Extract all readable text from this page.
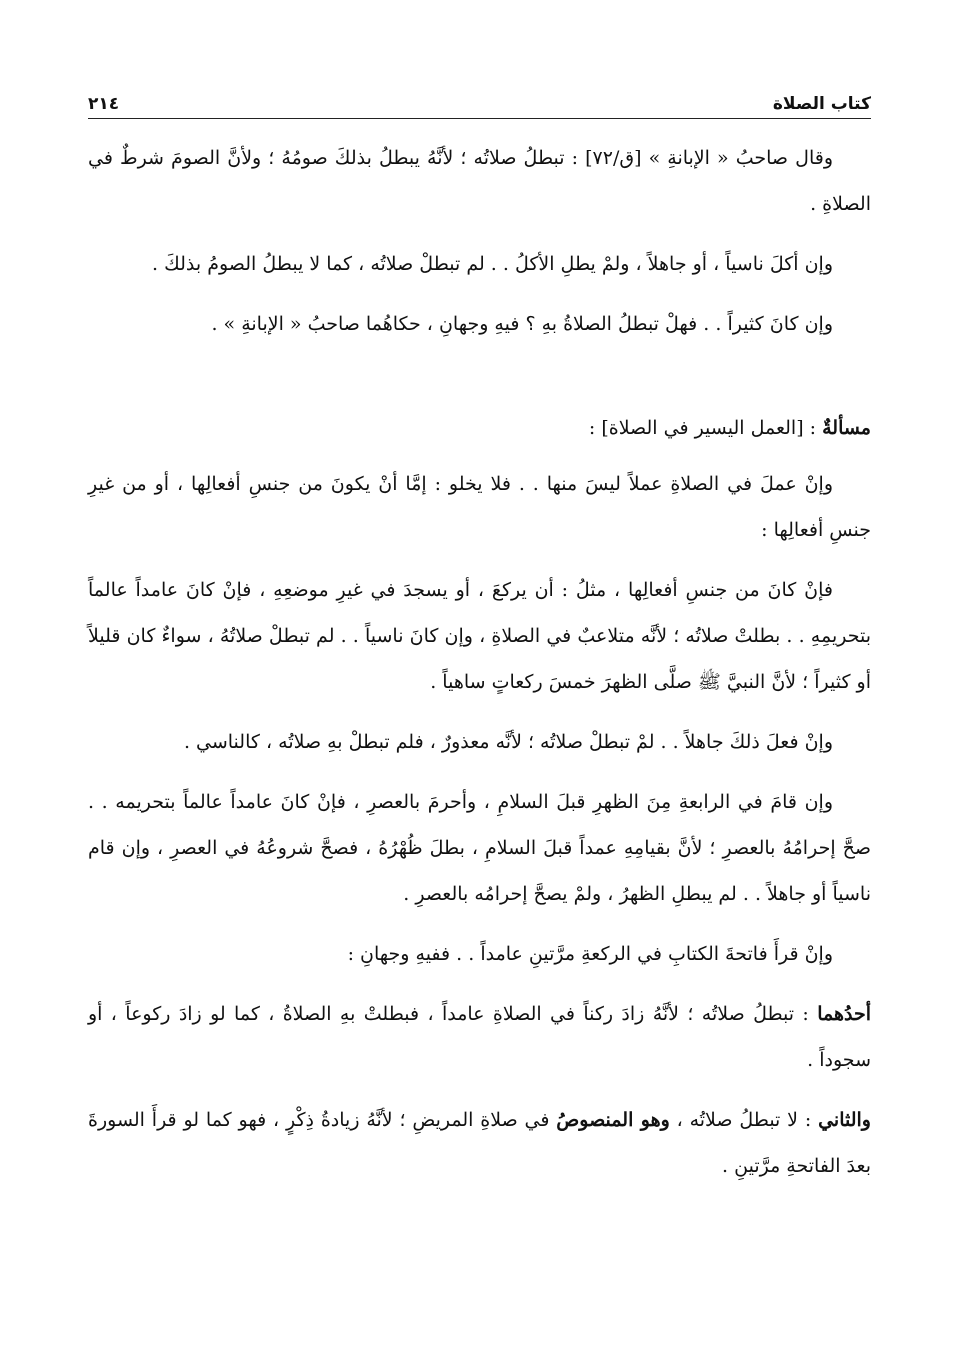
كتاب الصلاة
٢١٤

وقال صاحبُ « الإبانةِ » [ق/٧٢] : تبطلُ صلاتُه ؛ لأنَّهُ يبطلُ بذلكَ صومُهُ ؛ ولأنَّ الصومَ شرطٌ في الصلاةِ .

وإن أكلَ ناسياً ، أو جاهلاً ، ولمْ يطلِ الأكلُ . . لم تبطلْ صلاتُه ، كما لا يبطلُ الصومُ بذلكَ .

وإن كانَ كثيراً . . فهلْ تبطلُ الصلاةُ بهِ ؟ فيهِ وجهانِ ، حكاهُما صاحبُ « الإبانةِ » .

مسألةٌ : [العمل اليسير في الصلاة] :

وإنْ عملَ في الصلاةِ عملاً ليسَ منها . . فلا يخلو : إمَّا أنْ يكونَ من جنسِ أفعالِها ، أو من غيرِ جنسِ أفعالِها :

فإنْ كانَ من جنسِ أفعالِها ، مثلُ : أن يركعَ ، أو يسجدَ في غيرِ موضعِهِ ، فإنْ كانَ عامداً عالماً بتحريمِهِ . . بطلتْ صلاتُه ؛ لأنَّه متلاعبٌ في الصلاةِ ، وإن كانَ ناسياً . . لم تبطلْ صلاتُهُ ، سواءٌ كان قليلاً أو كثيراً ؛ لأنَّ النبيَّ ﷺ صلَّى الظهرَ خمسَ ركعاتٍ ساهياً .

وإنْ فعلَ ذلكَ جاهلاً . . لمْ تبطلْ صلاتُه ؛ لأنَّه معذورٌ ، فلم تبطلْ بهِ صلاتُه ، كالناسي .

وإن قامَ في الرابعةِ مِنَ الظهرِ قبلَ السلامِ ، وأحرمَ بالعصرِ ، فإنْ كانَ عامداً عالماً بتحريمه . . صحَّ إحرامُهُ بالعصرِ ؛ لأنَّ بقيامِهِ عمداً قبلَ السلامِ ، بطلَ ظُهْرُهُ ، فصحَّ شروعُهُ في العصرِ ، وإن قام ناسياً أو جاهلاً . . لم يبطلِ الظهرُ ، ولمْ يصحَّ إحرامُه بالعصرِ .

وإنْ قرأَ فاتحةَ الكتابِ في الركعةِ مرَّتينِ عامداً . . ففيهِ وجهانِ :

أحدُهما : تبطلُ صلاتُه ؛ لأنَّهُ زادَ ركناً في الصلاةِ عامداً ، فبطلتْ بهِ الصلاةُ ، كما لو زادَ ركوعاً ، أو سجوداً .

والثاني : لا تبطلُ صلاتُه ، وهو المنصوصُ في صلاةِ المريضِ ؛ لأنَّهُ زيادةُ ذِكْرٍ ، فهو كما لو قرأَ السورةَ بعدَ الفاتحةِ مرَّتينِ .
